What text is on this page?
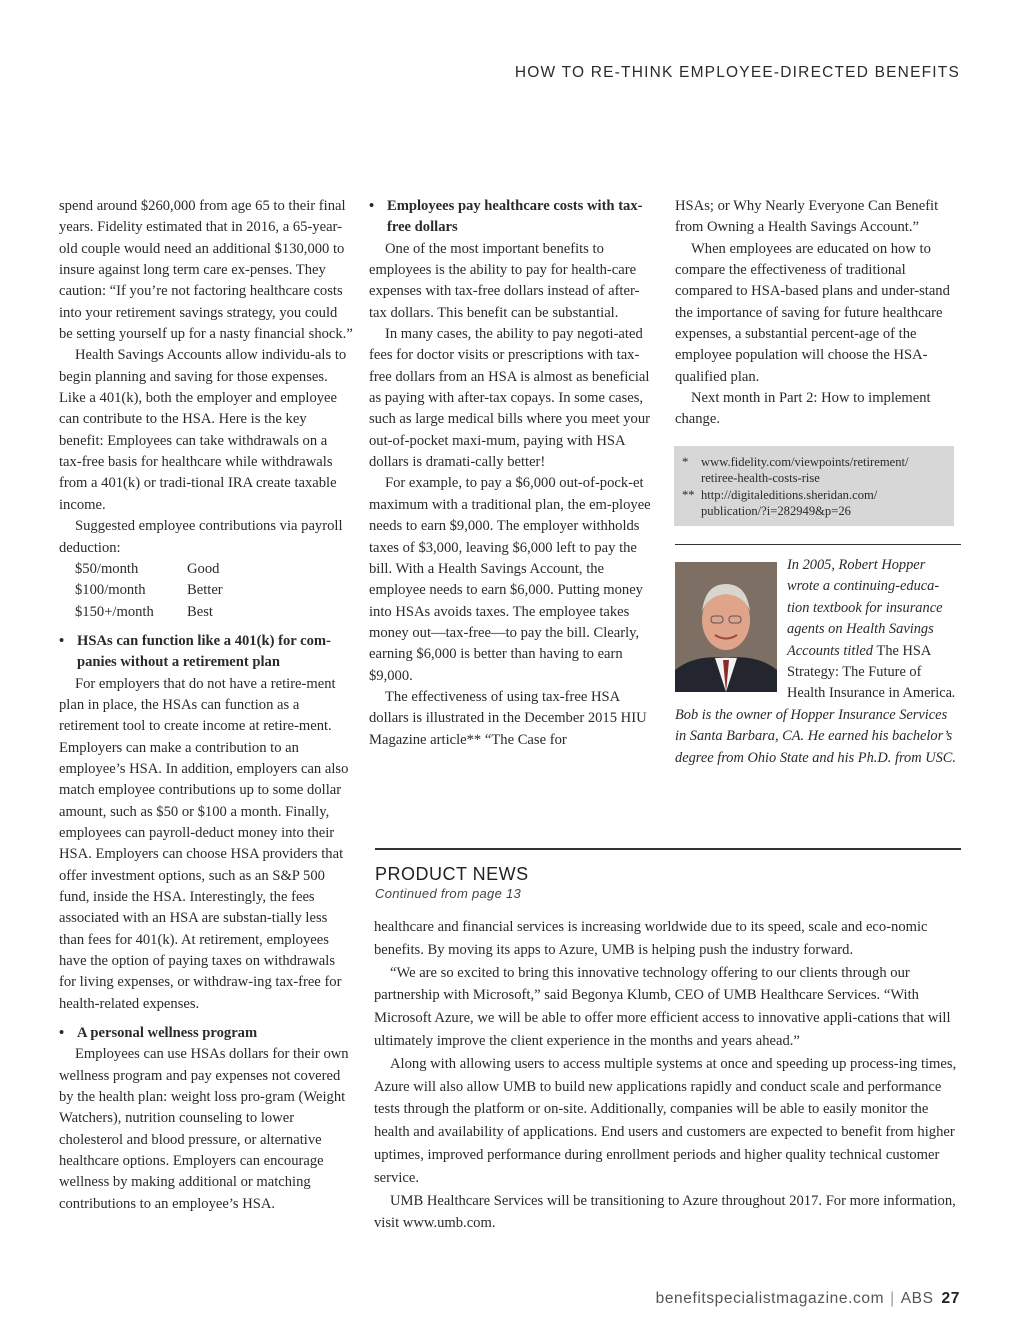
HOW TO RE-THINK EMPLOYEE-DIRECTED BENEFITS

spend around $260,000 from age 65 to their final years. Fidelity estimated that in 2016, a 65-year-old couple would need an additional $130,000 to insure against long term care ex-penses. They caution: “If you’re not factoring healthcare costs into your retirement savings strategy, you could be setting yourself up for a nasty financial shock.”

Health Savings Accounts allow individu-als to begin planning and saving for those expenses. Like a 401(k), both the employer and employee can contribute to the HSA. Here is the key benefit: Employees can take withdrawals on a tax-free basis for healthcare while withdrawals from a 401(k) or tradi-tional IRA create taxable income.

Suggested employee contributions via payroll deduction:

$50/month	Good
$100/month	Better
$150+/month	Best

• HSAs can function like a 401(k) for com-panies without a retirement plan

For employers that do not have a retire-ment plan in place, the HSAs can function as a retirement tool to create income at retire-ment. Employers can make a contribution to an employee’s HSA. In addition, employers can also match employee contributions up to some dollar amount, such as $50 or $100 a month. Finally, employees can payroll-deduct money into their HSA. Employers can choose HSA providers that offer investment options, such as an S&P 500 fund, inside the HSA. Interestingly, the fees associated with an HSA are substan-tially less than fees for 401(k). At retirement, employees have the option of paying taxes on withdrawals for living expenses, or withdraw-ing tax-free for health-related expenses.

• A personal wellness program

Employees can use HSAs dollars for their own wellness program and pay expenses not covered by the health plan: weight loss pro-gram (Weight Watchers), nutrition counseling to lower cholesterol and blood pressure, or alternative healthcare options. Employers can encourage wellness by making additional or matching contributions to an employee’s HSA.

• Employees pay healthcare costs with tax-free dollars

One of the most important benefits to employees is the ability to pay for health-care expenses with tax-free dollars instead of after-tax dollars. This benefit can be substantial.

In many cases, the ability to pay negoti-ated fees for doctor visits or prescriptions with tax-free dollars from an HSA is almost as beneficial as paying with after-tax copays. In some cases, such as large medical bills where you meet your out-of-pocket maxi-mum, paying with HSA dollars is dramati-cally better!

For example, to pay a $6,000 out-of-pock-et maximum with a traditional plan, the em-ployee needs to earn $9,000. The employer withholds taxes of $3,000, leaving $6,000 left to pay the bill. With a Health Savings Account, the employee needs to earn $6,000. Putting money into HSAs avoids taxes. The employee takes money out—tax-free—to pay the bill. Clearly, earning $6,000 is better than having to earn $9,000.

The effectiveness of using tax-free HSA dollars is illustrated in the December 2015 HIU Magazine article** “The Case for

HSAs; or Why Nearly Everyone Can Benefit from Owning a Health Savings Account.”

When employees are educated on how to compare the effectiveness of traditional compared to HSA-based plans and under-stand the importance of saving for future healthcare expenses, a substantial percent-age of the employee population will choose the HSA-qualified plan.

Next month in Part 2: How to implement change.

*	www.fidelity.com/viewpoints/retirement/ retiree-health-costs-rise
** http://digitaleditions.sheridan.com/ publication/?i=282949&p=26
In 2005, Robert Hopper wrote a continuing-educa-tion textbook for insurance agents on Health Savings Accounts titled The HSA Strategy: The Future of Health Insurance in America. Bob is the owner of Hopper Insurance Services in Santa Barbara, CA. He earned his bachelor’s degree from Ohio State and his Ph.D. from USC.
PRODUCT NEWS
Continued from page 13

healthcare and financial services is increasing worldwide due to its speed, scale and eco-nomic benefits. By moving its apps to Azure, UMB is helping push the industry forward.

“We are so excited to bring this innovative technology offering to our clients through our partnership with Microsoft,” said Begonya Klumb, CEO of UMB Healthcare Services. “With Microsoft Azure, we will be able to offer more efficient access to innovative appli-cations that will ultimately improve the client experience in the months and years ahead.”

Along with allowing users to access multiple systems at once and speeding up process-ing times, Azure will also allow UMB to build new applications rapidly and conduct scale and performance tests through the platform or on-site. Additionally, companies will be able to easily monitor the health and availability of applications. End users and customers are expected to benefit from higher uptimes, improved performance during enrollment periods and higher quality technical customer service.

UMB Healthcare Services will be transitioning to Azure throughout 2017. For more information, visit www.umb.com.

benefitspecialistmagazine.com | ABS 27
